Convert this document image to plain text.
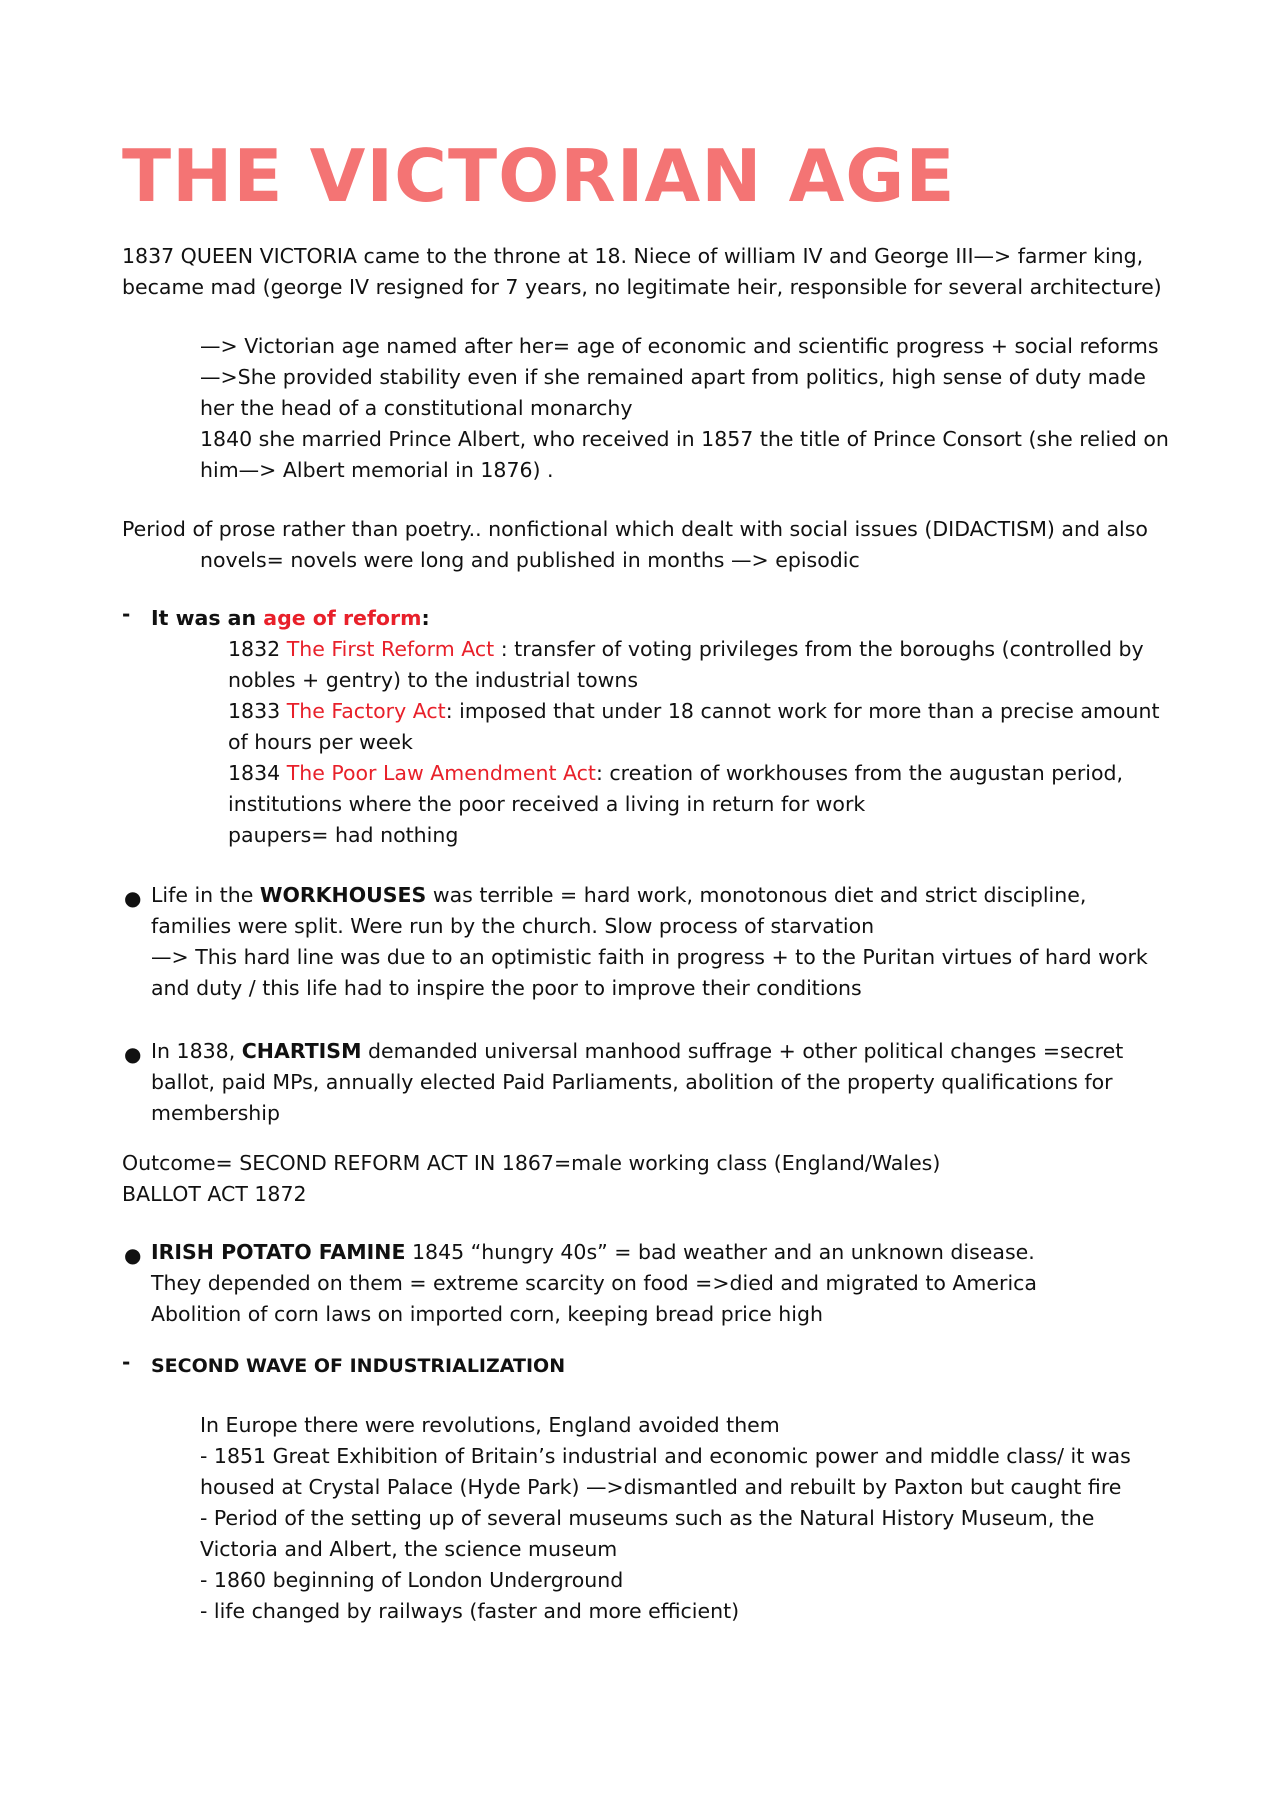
THE VICTORIAN AGE
1837 QUEEN VICTORIA came to the throne at 18. Niece of william IV and George III—> farmer king,
became mad (george IV resigned for 7 years, no legitimate heir, responsible for several architecture)
—> Victorian age named after her= age of economic and scientific progress + social reforms
—>She provided stability even if she remained apart from politics, high sense of duty made
her the head of a constitutional monarchy
1840 she married Prince Albert, who received in 1857 the title of Prince Consort (she relied on
him—> Albert memorial in 1876) .
Period of prose rather than poetry.. nonfictional which dealt with social issues (DIDACTISM) and also
novels= novels were long and published in months —> episodic
- It was an age of reform:
1832 The First Reform Act : transfer of voting privileges from the boroughs (controlled by
nobles + gentry) to the industrial towns
1833 The Factory Act: imposed that under 18 cannot work for more than a precise amount
of hours per week
1834 The Poor Law Amendment Act: creation of workhouses from the augustan period,
institutions where the poor received a living in return for work
paupers= had nothing
● Life in the WORKHOUSES was terrible = hard work, monotonous diet and strict discipline,
families were split. Were run by the church. Slow process of starvation
—> This hard line was due to an optimistic faith in progress + to the Puritan virtues of hard work
and duty / this life had to inspire the poor to improve their conditions
● In 1838, CHARTISM demanded universal manhood suffrage + other political changes =secret
ballot, paid MPs, annually elected Paid Parliaments, abolition of the property qualifications for
membership
Outcome= SECOND REFORM ACT IN 1867=male working class (England/Wales)
BALLOT ACT 1872
● IRISH POTATO FAMINE 1845 “hungry 40s” = bad weather and an unknown disease.
They depended on them = extreme scarcity on food =>died and migrated to America
Abolition of corn laws on imported corn, keeping bread price high
- SECOND WAVE OF INDUSTRIALIZATION
In Europe there were revolutions, England avoided them
- 1851 Great Exhibition of Britain’s industrial and economic power and middle class/ it was
housed at Crystal Palace (Hyde Park) —>dismantled and rebuilt by Paxton but caught fire
- Period of the setting up of several museums such as the Natural History Museum, the
Victoria and Albert, the science museum
- 1860 beginning of London Underground
- life changed by railways (faster and more efficient)
